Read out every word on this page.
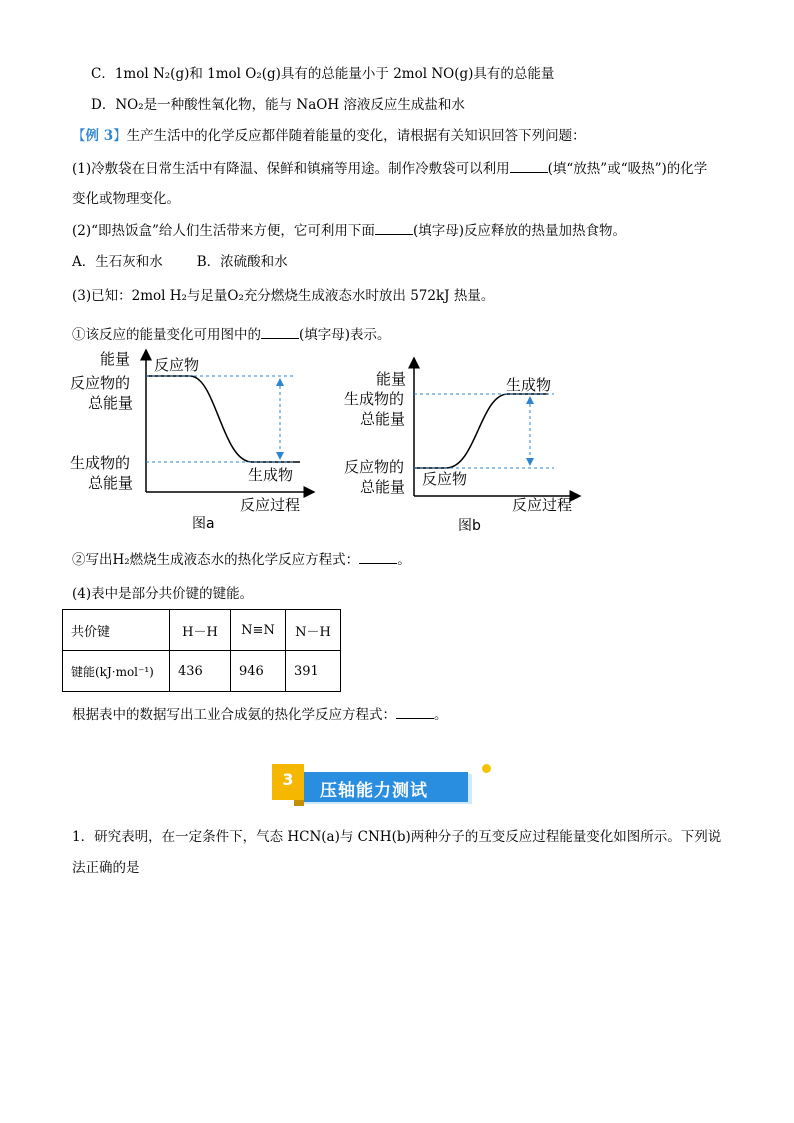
C．1mol N₂(g)和 1mol O₂(g)具有的总能量小于 2mol NO(g)具有的总能量
D．NO₂是一种酸性氧化物，能与 NaOH 溶液反应生成盐和水
【例 3】生产生活中的化学反应都伴随着能量的变化，请根据有关知识回答下列问题：
(1)冷敷袋在日常生活中有降温、保鲜和镇痛等用途。制作冷敷袋可以利用	(填“放热”或“吸热”)的化学
变化或物理变化。
(2)“即热饭盒”给人们生活带来方便，它可利用下面	(填字母)反应释放的热量加热食物。
A．生石灰和水	B．浓硫酸和水
(3)已知：2mol H₂与足量O₂充分燃烧生成液态水时放出 572kJ 热量。
①该反应的能量变化可用图中的	(填字母)表示。
能量 反应物
反应物的
总能量
生成物的
总能量	生成物
反应过程
图a
能量	生成物
生成物的
总能量
反应物的
总能量 反应物
反应过程
图b
②写出H₂燃烧生成液态水的热化学反应方程式：	。
(4)表中是部分共价键的键能。
共价键	H－H	N≡N	N－H
键能(kJ·mol⁻¹)	436	946	391
根据表中的数据写出工业合成氨的热化学反应方程式：	。
3
压轴能力测试
1．研究表明，在一定条件下，气态 HCN(a)与 CNH(b)两种分子的互变反应过程能量变化如图所示。下列说
法正确的是
